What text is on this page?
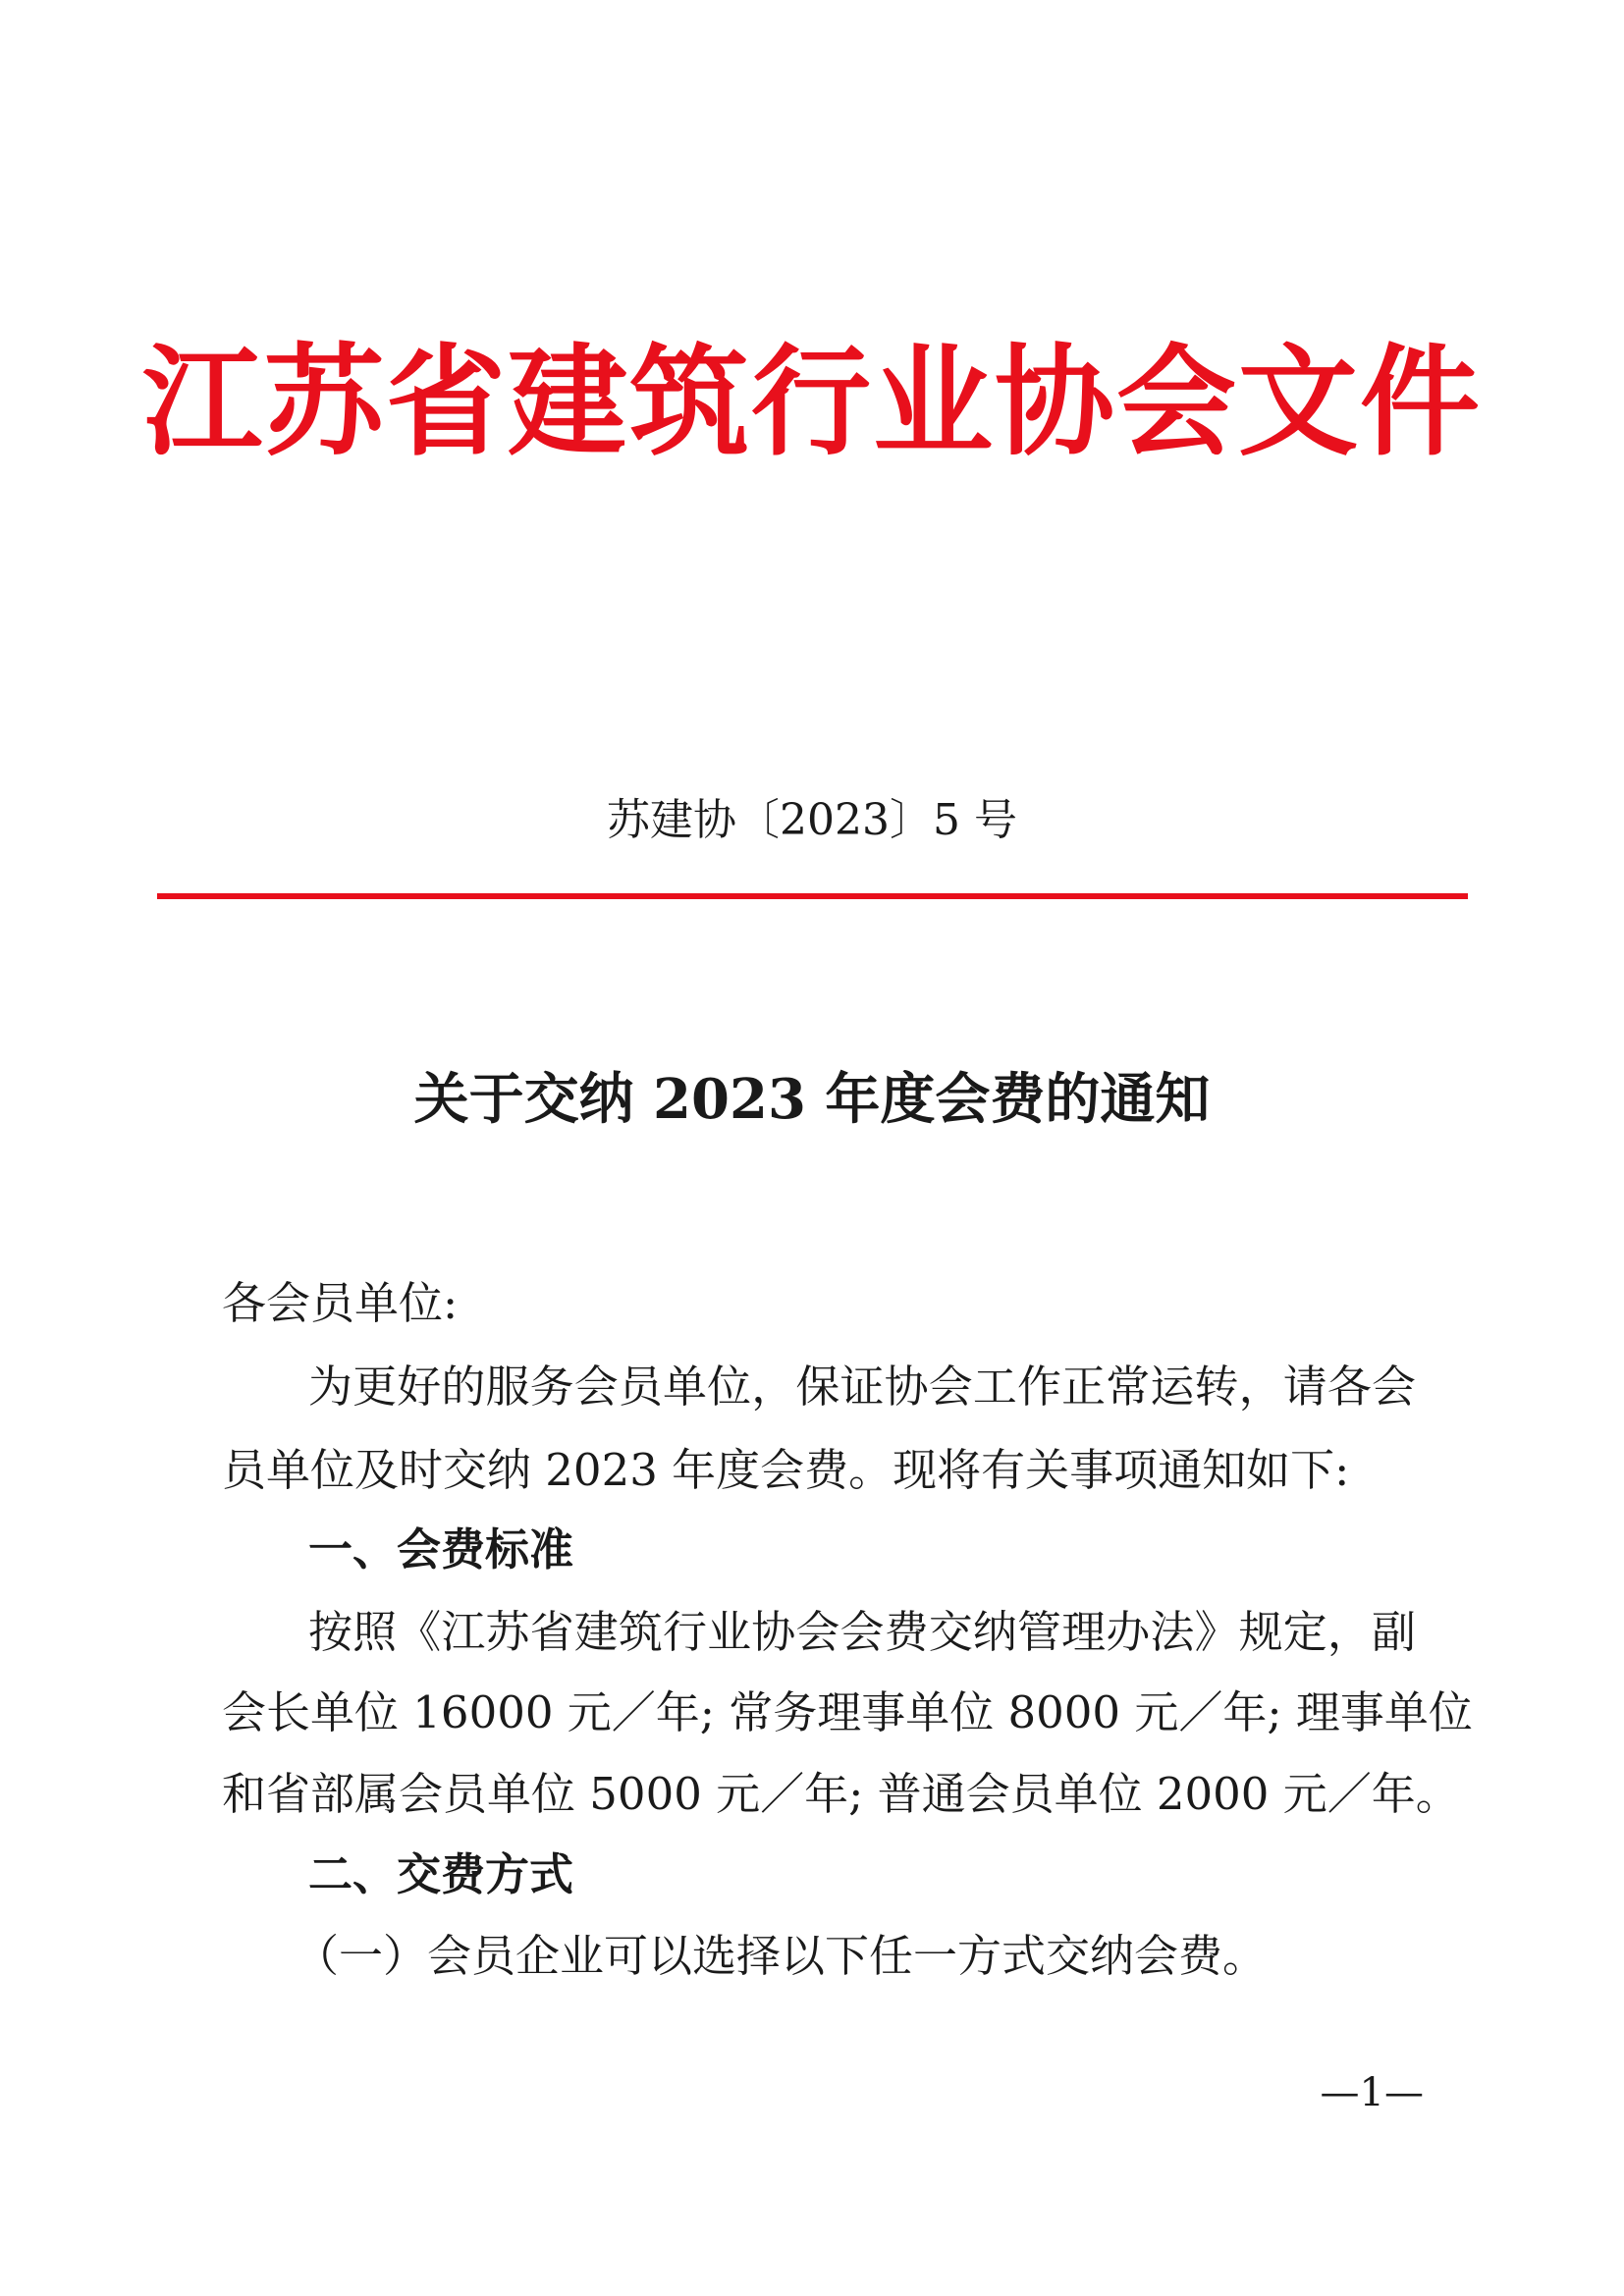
江苏省建筑行业协会文件
苏建协〔2023〕5 号
关于交纳 2023 年度会费的通知
各会员单位:
为更好的服务会员单位，保证协会工作正常运转，请各会
员单位及时交纳 2023 年度会费。现将有关事项通知如下:
一、会费标准
按照《江苏省建筑行业协会会费交纳管理办法》规定，副
会长单位 16000 元／年; 常务理事单位 8000 元／年; 理事单位
和省部属会员单位 5000 元／年; 普通会员单位 2000 元／年。
二、交费方式
（一）会员企业可以选择以下任一方式交纳会费。
—1—
